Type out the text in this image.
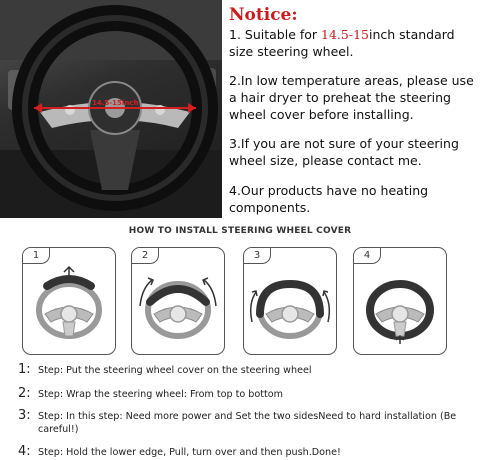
14.5-15inch
Notice:
1. Suitable for 14.5-15inch standard size steering wheel.
2.In low temperature areas, please use a hair dryer to preheat the steering wheel cover before installing.
3.If you are not sure of your steering wheel size, please contact me.
4.Our products have no heating components.
HOW TO INSTALL STEERING WHEEL COVER
1	2	3	4
1: Step: Put the steering wheel cover on the steering wheel
2: Step: Wrap the steering wheel: From top to bottom
3: Step: In this step: Need more power and Set the two sidesNeed to hard installation (Be careful!)
4: Step: Hold the lower edge, Pull, turn over and then push.Done!
